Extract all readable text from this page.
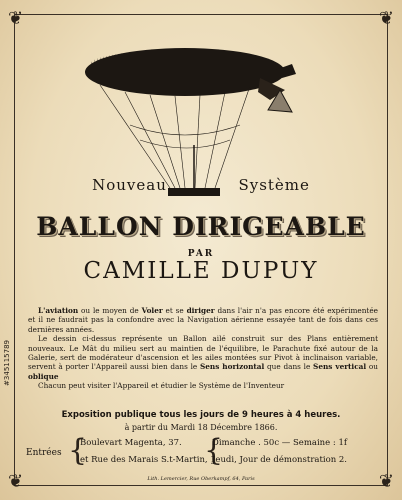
❦	❦
❦	❦
Nouveau	Système
BALLON DIRIGEABLE
PAR
CAMILLE DUPUY

L'aviation ou le moyen de Voler et se diriger dans l'air n'a pas encore été expérimentée et il ne faudrait pas la confondre avec la Navigation aérienne essayée tant de fois dans ces dernières années.

Le dessin ci-dessus représente un Ballon ailé construit sur des Plans entièrement nouveaux. Le Mât du milieu sert au maintien de l'équilibre, le Parachute fixé autour de la Galerie, sert de modérateur d'ascension et les ailes montées sur Pivot à inclinaison variable, servent à porter l'Appareil aussi bien dans le Sens horizontal que dans le Sens vertical ou oblique

Chacun peut visiter l'Appareil et étudier le Système de l'Inventeur

Exposition publique tous les jours de 9 heures à 4 heures.
à partir du Mardi 18 Décembre 1866.
Entrées {
Boulevart Magenta, 37.
et Rue des Marais S.t-Martin, 1
{
Dimanche . 50c — Semaine : 1f
Jeudi, Jour de démonstration 2.
Lith. Lemercier, Rue Oberkampf, 64, Paris
#345115789
